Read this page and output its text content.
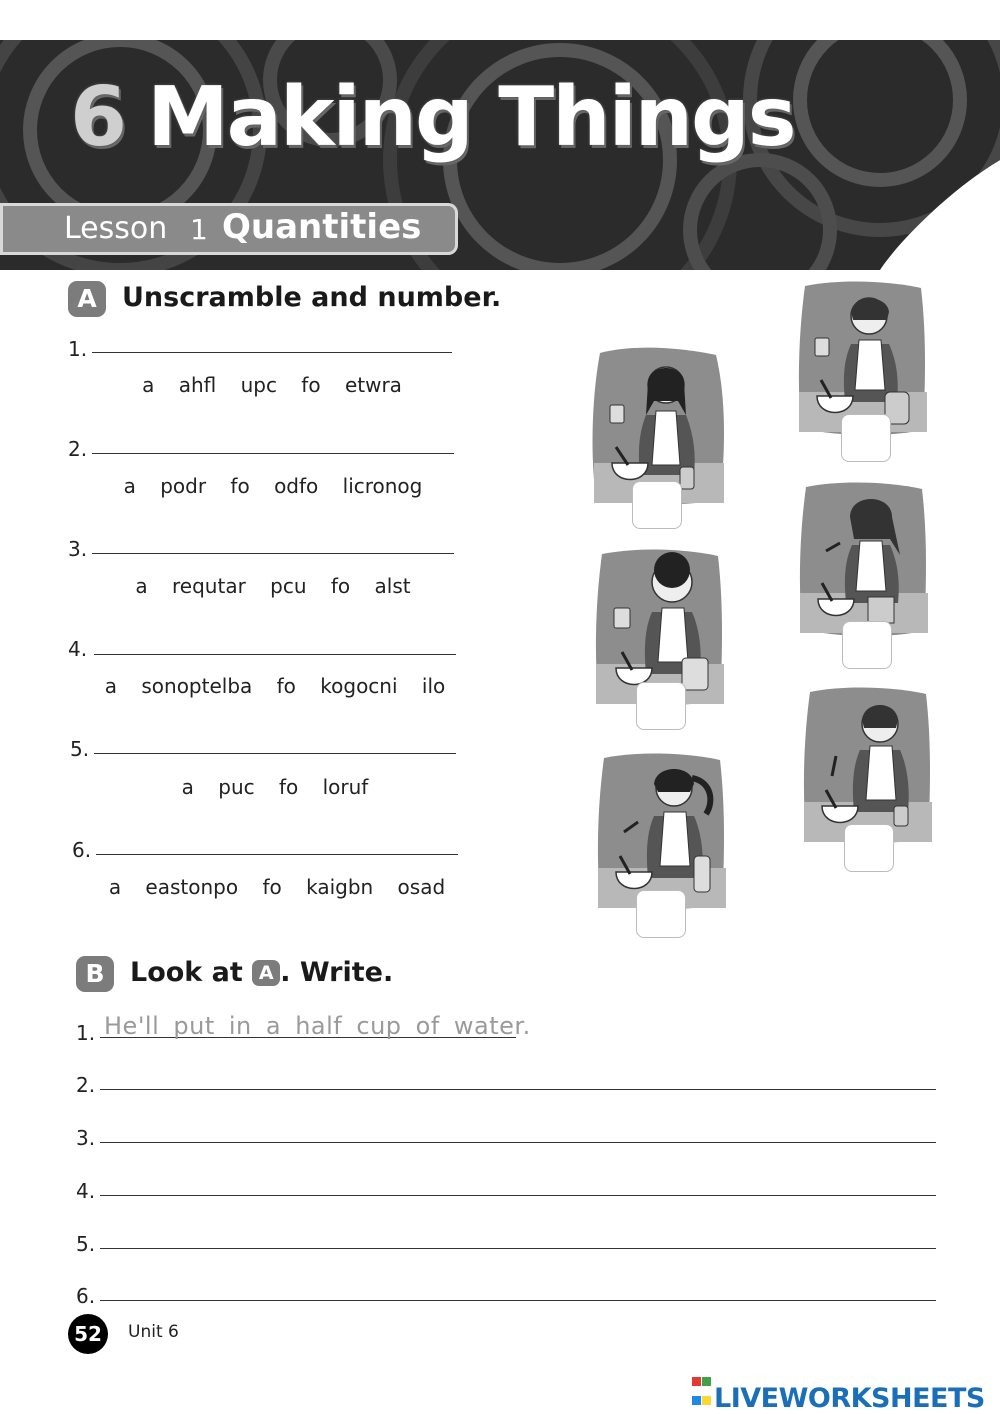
6 Making Things
Lesson 1 Quantities
A Unscramble and number.
1.
a ahfl upc fo etwra
2.
a podr fo odfo licronog
3.
a requtar pcu fo alst
4.
a sonoptelba fo kogocni ilo
5.
a puc fo loruf
6.
a eastonpo fo kaigbn osad
B Look at A . Write.
1. He'll put in a half cup of water.
2.
3.
4.
5.
6.
52	Unit 6

LIVEWORKSHEETS
